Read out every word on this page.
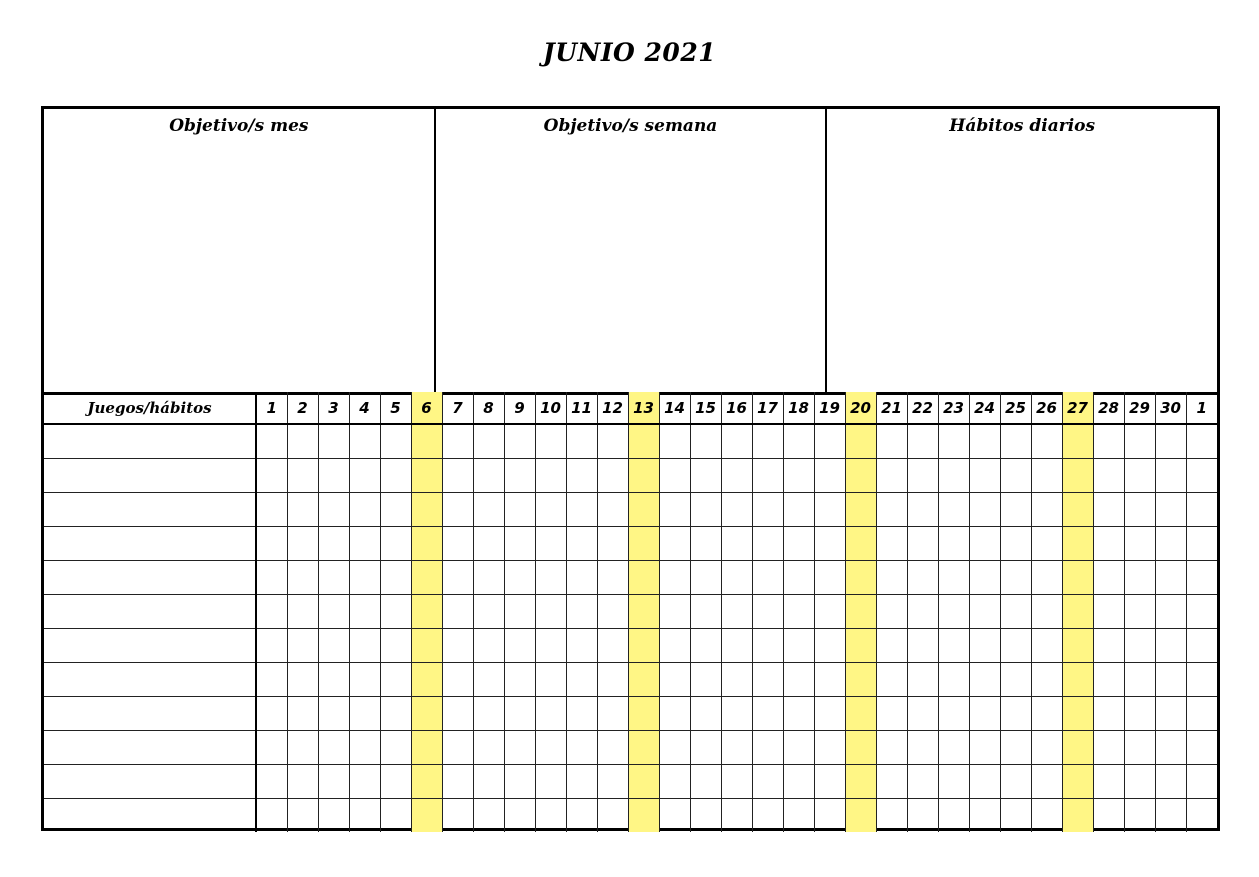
JUNIO 2021
Objetivo/s mes	Objetivo/s semana	Hábitos diarios
Juegos/hábitos	1	2	3	4	5	6	7	8	9	10	11	12	13	14	15	16	17	18	19	20	21	22	23	24	25	26	27	28	29	30	1
